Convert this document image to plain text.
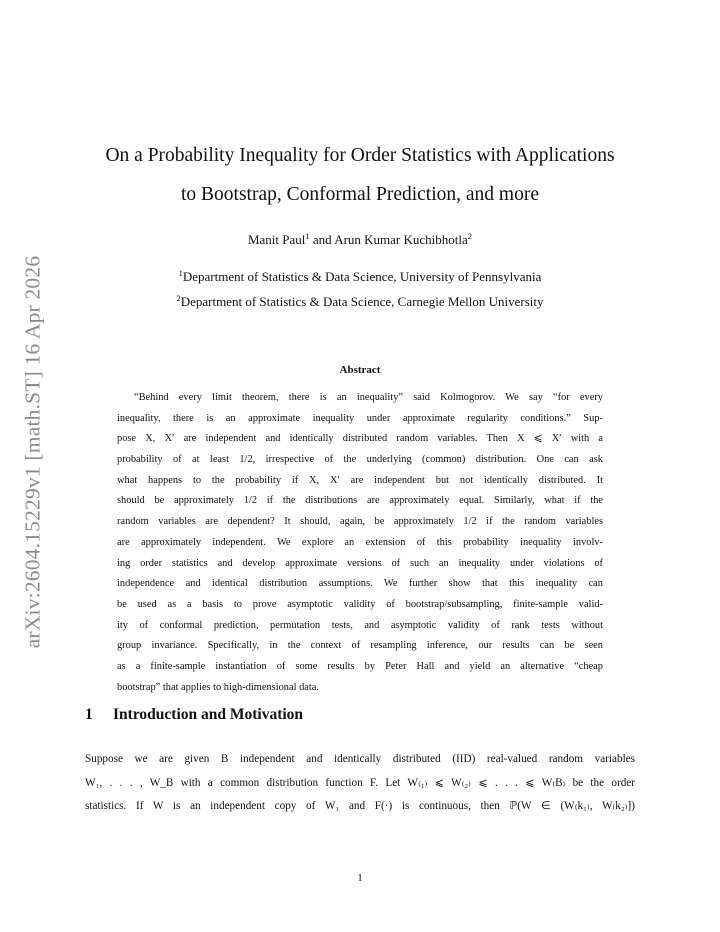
arXiv:2604.15229v1 [math.ST] 16 Apr 2026
On a Probability Inequality for Order Statistics with Applications
to Bootstrap, Conformal Prediction, and more
Manit Paul$^1$ and Arun Kumar Kuchibhotla$^2$
$^1$Department of Statistics & Data Science, University of Pennsylvania
$^2$Department of Statistics & Data Science, Carnegie Mellon University
Abstract
“Behind every limit theorem, there is an inequality” said Kolmogorov. We say “for every
inequality, there is an approximate inequality under approximate regularity conditions.” Sup-
pose X, X′ are independent and identically distributed random variables. Then X ⩽ X′ with a
probability of at least 1/2, irrespective of the underlying (common) distribution. One can ask
what happens to the probability if X, X′ are independent but not identically distributed. It
should be approximately 1/2 if the distributions are approximately equal. Similarly, what if the
random variables are dependent? It should, again, be approximately 1/2 if the random variables
are approximately independent. We explore an extension of this probability inequality involv-
ing order statistics and develop approximate versions of such an inequality under violations of
independence and identical distribution assumptions. We further show that this inequality can
be used as a basis to prove asymptotic validity of bootstrap/subsampling, finite-sample valid-
ity of conformal prediction, permutation tests, and asymptotic validity of rank tests without
group invariance. Specifically, in the context of resampling inference, our results can be seen
as a finite-sample instantiation of some results by Peter Hall and yield an alternative “cheap
bootstrap” that applies to high-dimensional data.
1 Introduction and Motivation
Suppose we are given B independent and identically distributed (IID) real-valued random variables
W₁, . . . , W_B with a common distribution function F. Let W₍₁₎ ⩽ W₍₂₎ ⩽ . . . ⩽ W₍B₎ be the order
statistics. If W is an independent copy of W₁ and F(·) is continuous, then ℙ(W ∈ (W₍k₁₎, W₍k₂₎])
1
